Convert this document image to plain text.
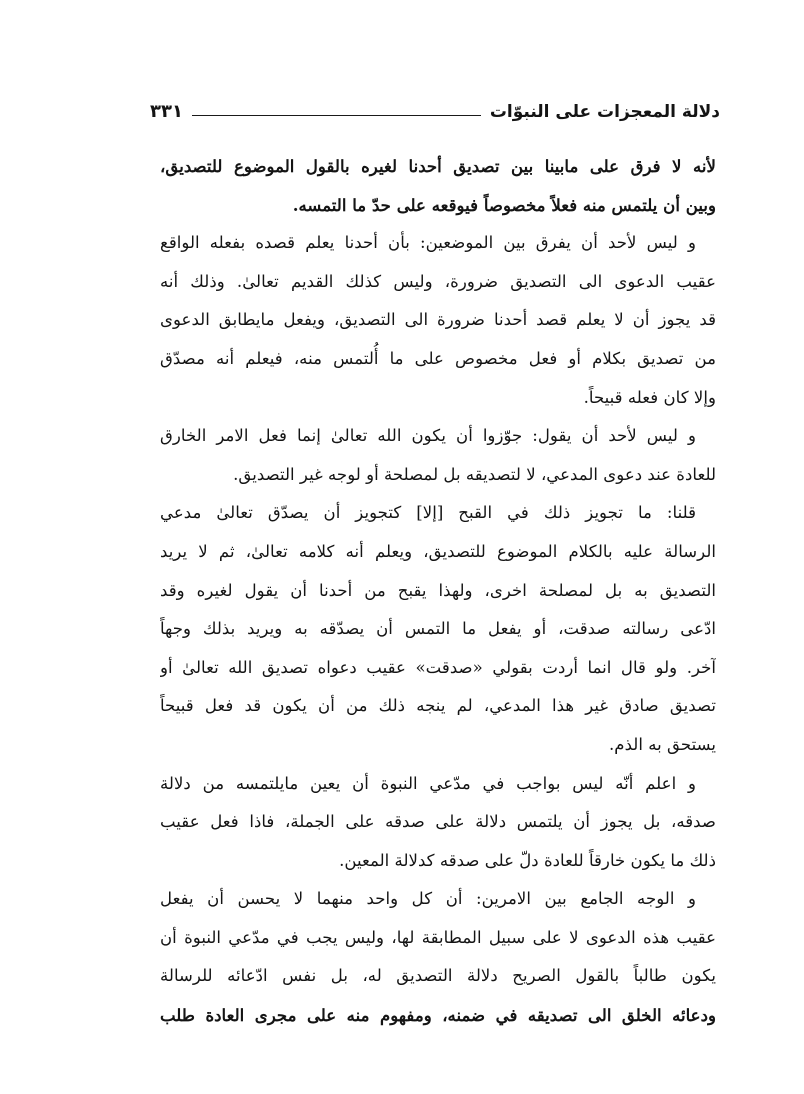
دلالة المعجزات على النبوّات
٣٣١

لأنه لا فرق على مابينا بين تصديق أحدنا لغيره بالقول الموضوع للتصديق،
وبين أن يلتمس منه فعلاً مخصوصاً فيوقعه على حدّ ما التمسه.

و ليس لأحد أن يفرق بين الموضعين: بأن أحدنا يعلم قصده بفعله الواقع
عقيب الدعوى الى التصديق ضرورة، وليس كذلك القديم تعالىٰ. وذلك أنه
قد يجوز أن لا يعلم قصد أحدنا ضرورة الى التصديق، ويفعل مايطابق الدعوى
من تصديق بكلام أو فعل مخصوص على ما أُلتمس منه، فيعلم أنه مصدّق
وإلا كان فعله قبيحاً.

و ليس لأحد أن يقول: جوّزوا أن يكون الله تعالىٰ إنما فعل الامر الخارق
للعادة عند دعوى المدعي، لا لتصديقه بل لمصلحة أو لوجه غير التصديق.

قلنا: ما تجويز ذلك في القبح [إلا] كتجويز أن يصدّق تعالىٰ مدعي
الرسالة عليه بالكلام الموضوع للتصديق، ويعلم أنه كلامه تعالىٰ، ثم لا يريد
التصديق به بل لمصلحة اخرى، ولهذا يقبح من أحدنا أن يقول لغيره وقد
ادّعى رسالته صدقت، أو يفعل ما التمس أن يصدّقه به ويريد بذلك وجهاً
آخر. ولو قال انما أردت بقولي «صدقت» عقيب دعواه تصديق الله تعالىٰ أو
تصديق صادق غير هذا المدعي، لم ينجه ذلك من أن يكون قد فعل قبيحاً
يستحق به الذم.

و اعلم أنّه ليس بواجب في مدّعي النبوة أن يعين مايلتمسه من دلالة
صدقه، بل يجوز أن يلتمس دلالة على صدقه على الجملة، فاذا فعل عقيب
ذلك ما يكون خارقاً للعادة دلّ على صدقه كدلالة المعين.

و الوجه الجامع بين الامرين: أن كل واحد منهما لا يحسن أن يفعل
عقيب هذه الدعوى لا على سبيل المطابقة لها، وليس يجب في مدّعي النبوة أن
يكون طالباً بالقول الصريح دلالة التصديق له، بل نفس ادّعائه للرسالة
ودعائه الخلق الى تصديقه في ضمنه، ومفهوم منه على مجرى العادة طلب
